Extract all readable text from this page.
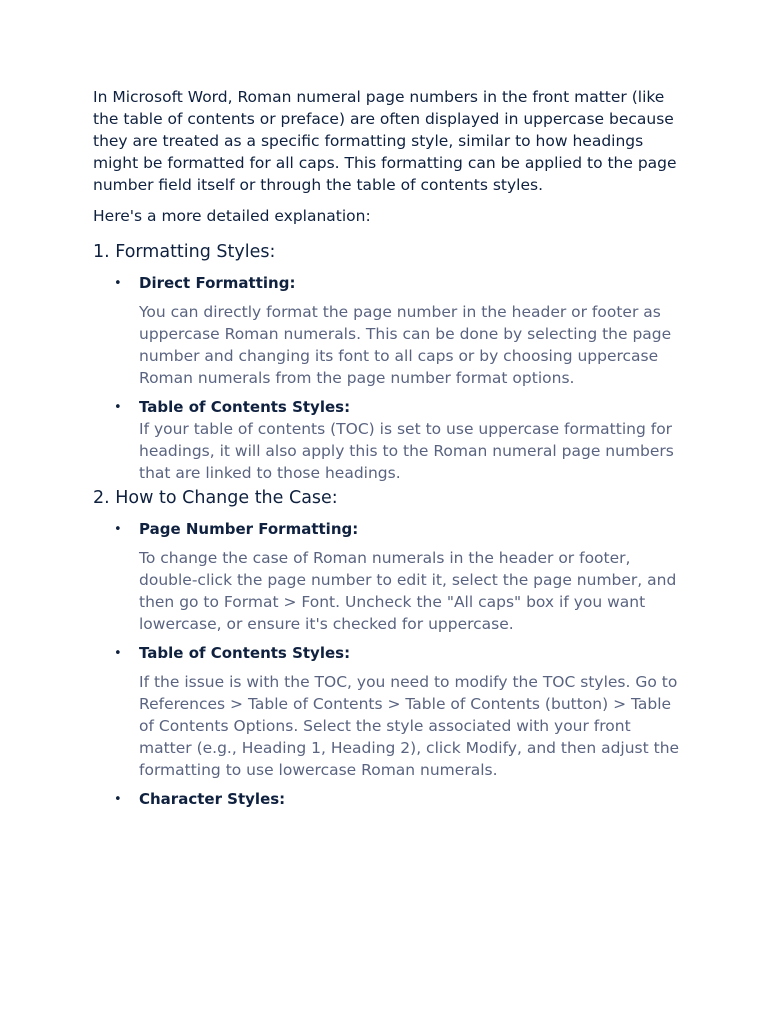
In Microsoft Word, Roman numeral page numbers in the front matter (like the table of contents or preface) are often displayed in uppercase because they are treated as a specific formatting style, similar to how headings might be formatted for all caps. This formatting can be applied to the page number field itself or through the table of contents styles.

Here's a more detailed explanation:

1. Formatting Styles:
• Direct Formatting:
You can directly format the page number in the header or footer as uppercase Roman numerals. This can be done by selecting the page number and changing its font to all caps or by choosing uppercase Roman numerals from the page number format options.
• Table of Contents Styles:
If your table of contents (TOC) is set to use uppercase formatting for headings, it will also apply this to the Roman numeral page numbers that are linked to those headings.
2. How to Change the Case:
• Page Number Formatting:
To change the case of Roman numerals in the header or footer, double-click the page number to edit it, select the page number, and then go to Format > Font. Uncheck the "All caps" box if you want lowercase, or ensure it's checked for uppercase.
• Table of Contents Styles:
If the issue is with the TOC, you need to modify the TOC styles. Go to References > Table of Contents > Table of Contents (button) > Table of Contents Options. Select the style associated with your front matter (e.g., Heading 1, Heading 2), click Modify, and then adjust the formatting to use lowercase Roman numerals.
• Character Styles:
